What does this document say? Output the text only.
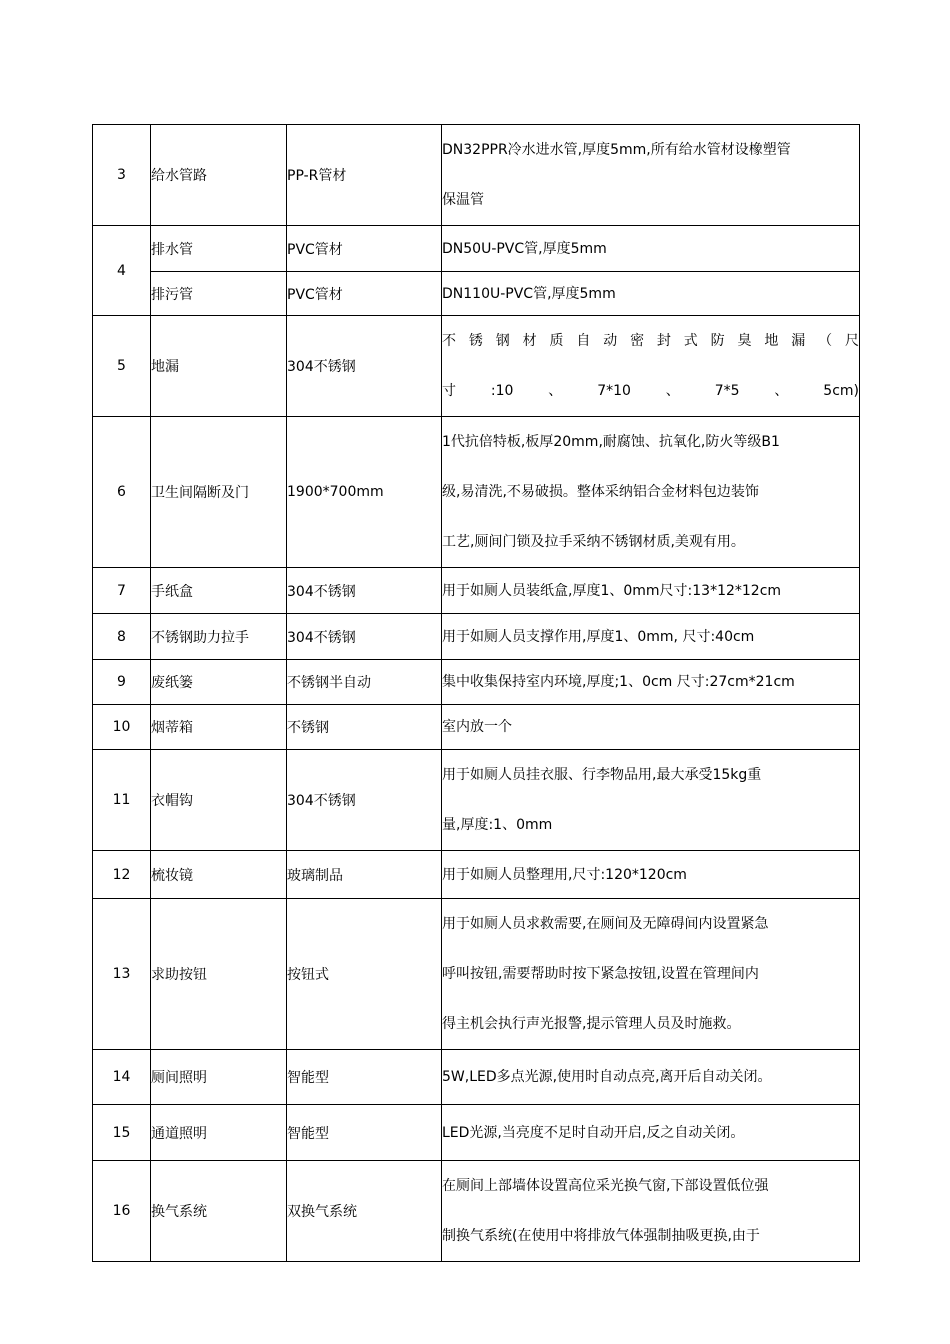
3	给水管路	PP-R管材	DN32PPR冷水进水管,厚度5mm,所有给水管材设橡塑管
保温管

4	排水管	PVC管材	DN50U-PVC管,厚度5mm

	排污管	PVC管材	DN110U-PVC管,厚度5mm

5	地漏	304不锈钢	不锈钢材质自动密封式防臭地漏（尺
寸:10、7*10、7*5、5cm)

6	卫生间隔断及门	1900*700mm	1代抗倍特板,板厚20mm,耐腐蚀、抗氧化,防火等级B1
级,易清洗,不易破损。整体采纳铝合金材料包边装饰
工艺,厕间门锁及拉手采纳不锈钢材质,美观有用。

7	手纸盒	304不锈钢	用于如厕人员装纸盒,厚度1、0mm尺寸:13*12*12cm

8	不锈钢助力拉手	304不锈钢	用于如厕人员支撑作用,厚度1、0mm, 尺寸:40cm

9	废纸篓	不锈钢半自动	集中收集保持室内环境,厚度;1、0cm 尺寸:27cm*21cm

10	烟蒂箱	不锈钢	室内放一个

11	衣帽钩	304不锈钢	用于如厕人员挂衣服、行李物品用,最大承受15kg重
量,厚度:1、0mm

12	梳妆镜	玻璃制品	用于如厕人员整理用,尺寸:120*120cm

13	求助按钮	按钮式	用于如厕人员求救需要,在厕间及无障碍间内设置紧急
呼叫按钮,需要帮助时按下紧急按钮,设置在管理间内
得主机会执行声光报警,提示管理人员及时施救。

14	厕间照明	智能型	5W,LED多点光源,使用时自动点亮,离开后自动关闭。

15	通道照明	智能型	LED光源,当亮度不足时自动开启,反之自动关闭。

16	换气系统	双换气系统	在厕间上部墙体设置高位采光换气窗,下部设置低位强
制换气系统(在使用中将排放气体强制抽吸更换,由于
